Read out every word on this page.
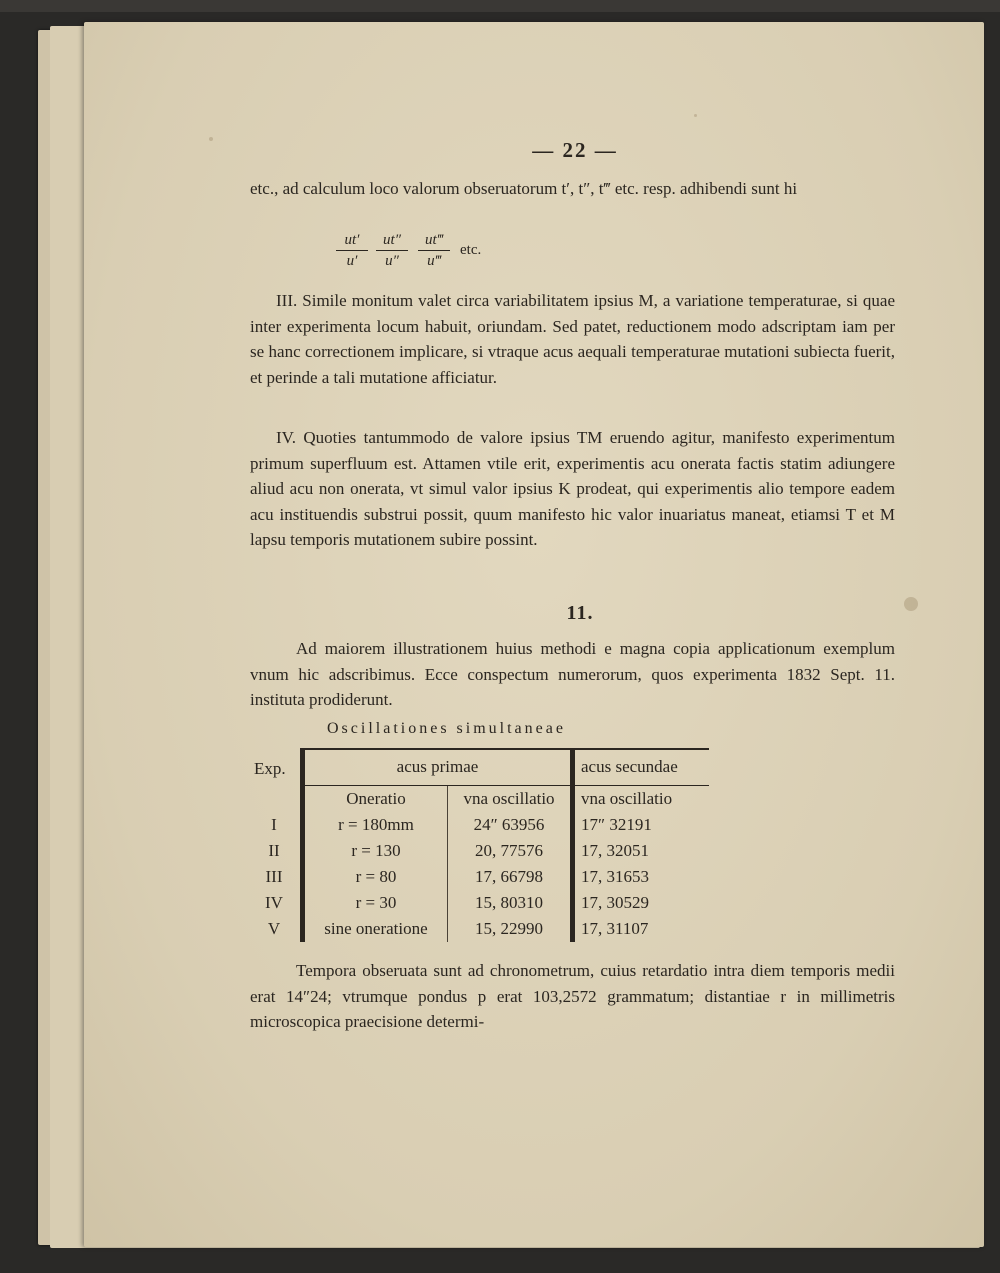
— 22 —

etc., ad calculum loco valorum obseruatorum t′, t″, t‴ etc. resp. adhibendi sunt hi

$\frac{ut'}{u'} \frac{ut''}{u''} \frac{ut‴}{u‴}$ etc.

III. Simile monitum valet circa variabilitatem ipsius M, a variatione temperaturae, si quae inter experimenta locum habuit, oriundam. Sed patet, reductionem modo adscriptam iam per se hanc correctionem implicare, si vtraque acus aequali temperaturae mutationi subiecta fuerit, et perinde a tali mutatione afficiatur.

IV. Quoties tantummodo de valore ipsius TM eruendo agitur, manifesto experimentum primum superfluum est. Attamen vtile erit, experimentis acu onerata factis statim adiungere aliud acu non onerata, vt simul valor ipsius K prodeat, qui experimentis alio tempore eadem acu instituendis substrui possit, quum manifesto hic valor inuariatus maneat, etiamsi T et M lapsu temporis mutationem subire possint.

11.

Ad maiorem illustrationem huius methodi e magna copia applicationum exemplum vnum hic adscribimus. Ecce conspectum numerorum, quos experimenta 1832 Sept. 11. instituta prodiderunt.

Oscillationes simultaneae
Exp.	acus primae		acus secundae
	Oneratio	vna oscillatio	vna oscillatio
I	r = 180mm	24″ 63956	17″ 32191
II	r = 130	20, 77576	17, 32051
III	r = 80	17, 66798	17, 31653
IV	r = 30	15, 80310	17, 30529
V	sine oneratione	15, 22990	17, 31107

Tempora obseruata sunt ad chronometrum, cuius retardatio intra diem temporis medii erat 14″24; vtrumque pondus p erat 103,2572 grammatum; distantiae r in millimetris microscopica praecisione determi-
